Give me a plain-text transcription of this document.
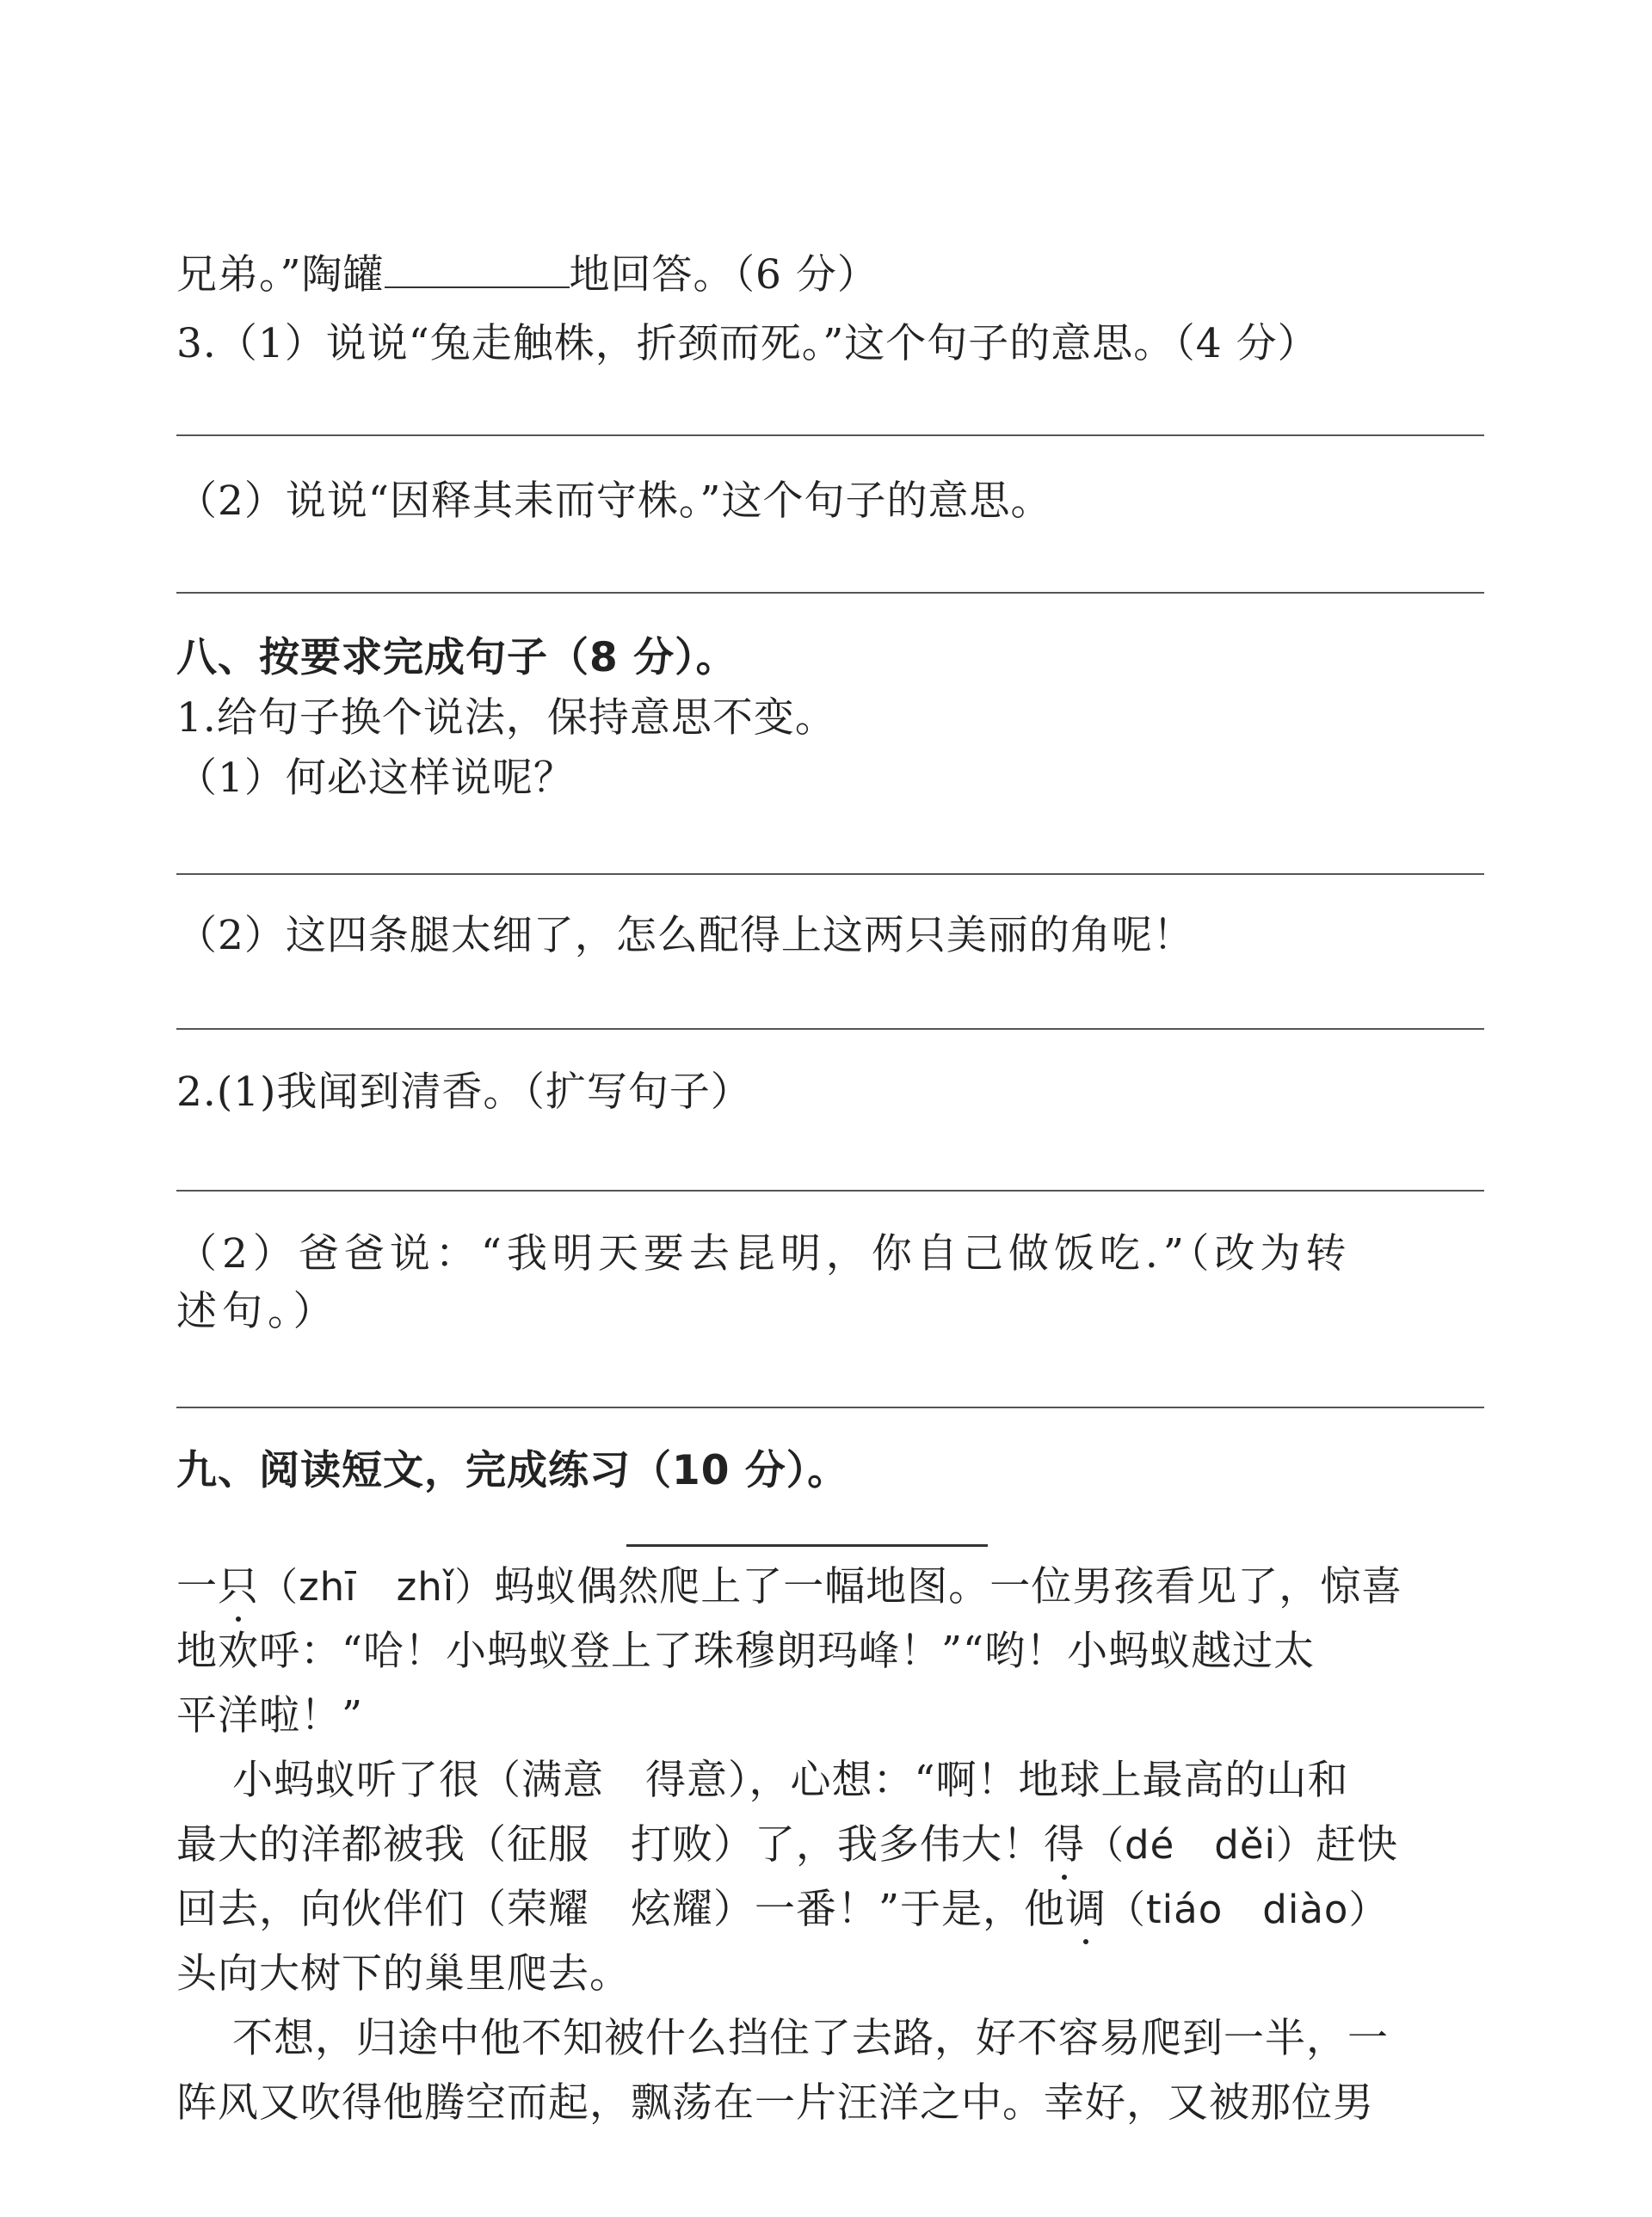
兄弟。”陶罐	地回答。（6 分）
3.（1）说说“兔走触株，折颈而死。”这个句子的意思。（4 分）
（2）说说“因释其耒而守株。”这个句子的意思。
八、按要求完成句子（8 分）。
1.给句子换个说法，保持意思不变。
（1）何必这样说呢？
（2）这四条腿太细了，怎么配得上这两只美丽的角呢！
2.(1)我闻到清香。（扩写句子）
（2）爸爸说：“我明天要去昆明，你自己做饭吃.”（改为转
述句。）
九、阅读短文，完成练习（10 分）。
一只（zhī　zhǐ）蚂蚁偶然爬上了一幅地图。一位男孩看见了，惊喜
地欢呼：“哈！小蚂蚁登上了珠穆朗玛峰！”“哟！小蚂蚁越过太
平洋啦！”
小蚂蚁听了很（满意　得意），心想：“啊！地球上最高的山和
最大的洋都被我（征服　打败）了，我多伟大！得（dé　děi）赶快
回去，向伙伴们（荣耀　炫耀）一番！”于是，他调（tiáo　diào）
头向大树下的巢里爬去。
不想，归途中他不知被什么挡住了去路，好不容易爬到一半，一
阵风又吹得他腾空而起，飘荡在一片汪洋之中。幸好，又被那位男
